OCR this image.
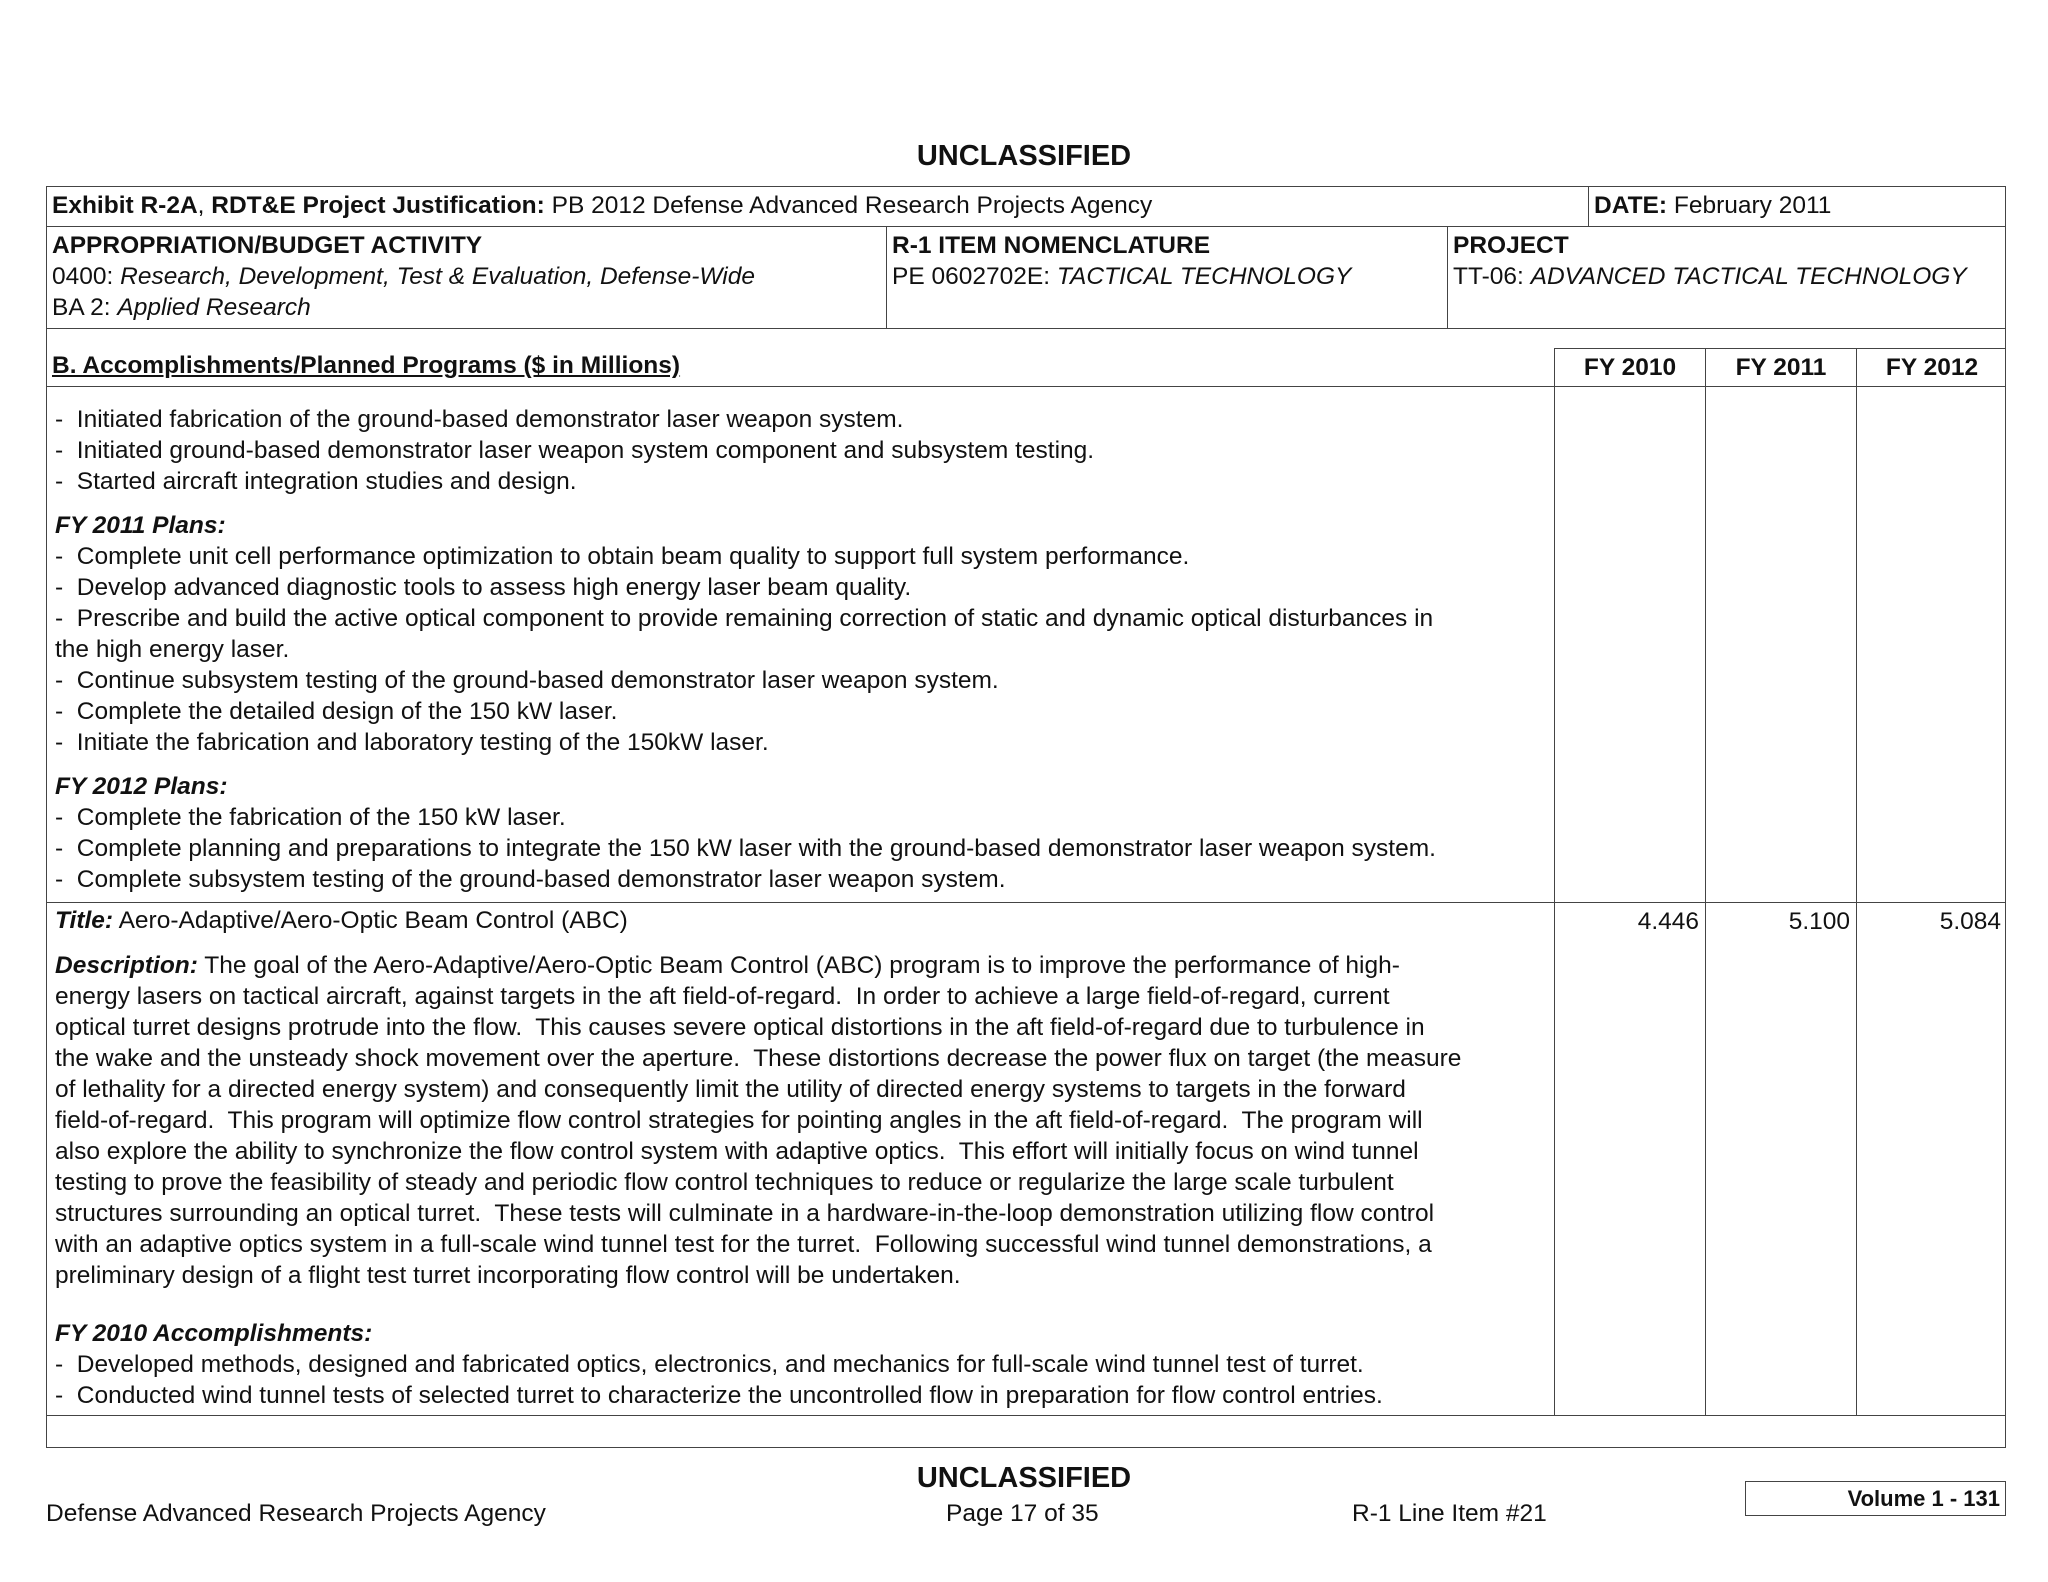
UNCLASSIFIED
Exhibit R-2A, RDT&E Project Justification: PB 2012 Defense Advanced Research Projects Agency	DATE: February 2011
APPROPRIATION/BUDGET ACTIVITY
0400: Research, Development, Test & Evaluation, Defense-Wide
BA 2: Applied Research
R-1 ITEM NOMENCLATURE
PE 0602702E: TACTICAL TECHNOLOGY
PROJECT
TT-06: ADVANCED TACTICAL TECHNOLOGY
B. Accomplishments/Planned Programs ($ in Millions)	FY 2010	FY 2011	FY 2012
-  Initiated fabrication of the ground-based demonstrator laser weapon system.
-  Initiated ground-based demonstrator laser weapon system component and subsystem testing.
-  Started aircraft integration studies and design.
FY 2011 Plans:
-  Complete unit cell performance optimization to obtain beam quality to support full system performance.
-  Develop advanced diagnostic tools to assess high energy laser beam quality.
-  Prescribe and build the active optical component to provide remaining correction of static and dynamic optical disturbances in
the high energy laser.
-  Continue subsystem testing of the ground-based demonstrator laser weapon system.
-  Complete the detailed design of the 150 kW laser.
-  Initiate the fabrication and laboratory testing of the 150kW laser.
FY 2012 Plans:
-  Complete the fabrication of the 150 kW laser.
-  Complete planning and preparations to integrate the 150 kW laser with the ground-based demonstrator laser weapon system.
-  Complete subsystem testing of the ground-based demonstrator laser weapon system.
Title: Aero-Adaptive/Aero-Optic Beam Control (ABC)	4.446	5.100	5.084
Description: The goal of the Aero-Adaptive/Aero-Optic Beam Control (ABC) program is to improve the performance of high-
energy lasers on tactical aircraft, against targets in the aft field-of-regard.  In order to achieve a large field-of-regard, current
optical turret designs protrude into the flow.  This causes severe optical distortions in the aft field-of-regard due to turbulence in
the wake and the unsteady shock movement over the aperture.  These distortions decrease the power flux on target (the measure
of lethality for a directed energy system) and consequently limit the utility of directed energy systems to targets in the forward
field-of-regard.  This program will optimize flow control strategies for pointing angles in the aft field-of-regard.  The program will
also explore the ability to synchronize the flow control system with adaptive optics.  This effort will initially focus on wind tunnel
testing to prove the feasibility of steady and periodic flow control techniques to reduce or regularize the large scale turbulent
structures surrounding an optical turret.  These tests will culminate in a hardware-in-the-loop demonstration utilizing flow control
with an adaptive optics system in a full-scale wind tunnel test for the turret.  Following successful wind tunnel demonstrations, a
preliminary design of a flight test turret incorporating flow control will be undertaken.
FY 2010 Accomplishments:
-  Developed methods, designed and fabricated optics, electronics, and mechanics for full-scale wind tunnel test of turret.
-  Conducted wind tunnel tests of selected turret to characterize the uncontrolled flow in preparation for flow control entries.
UNCLASSIFIED
Defense Advanced Research Projects Agency	Page 17 of 35	R-1 Line Item #21
Volume 1 - 131
